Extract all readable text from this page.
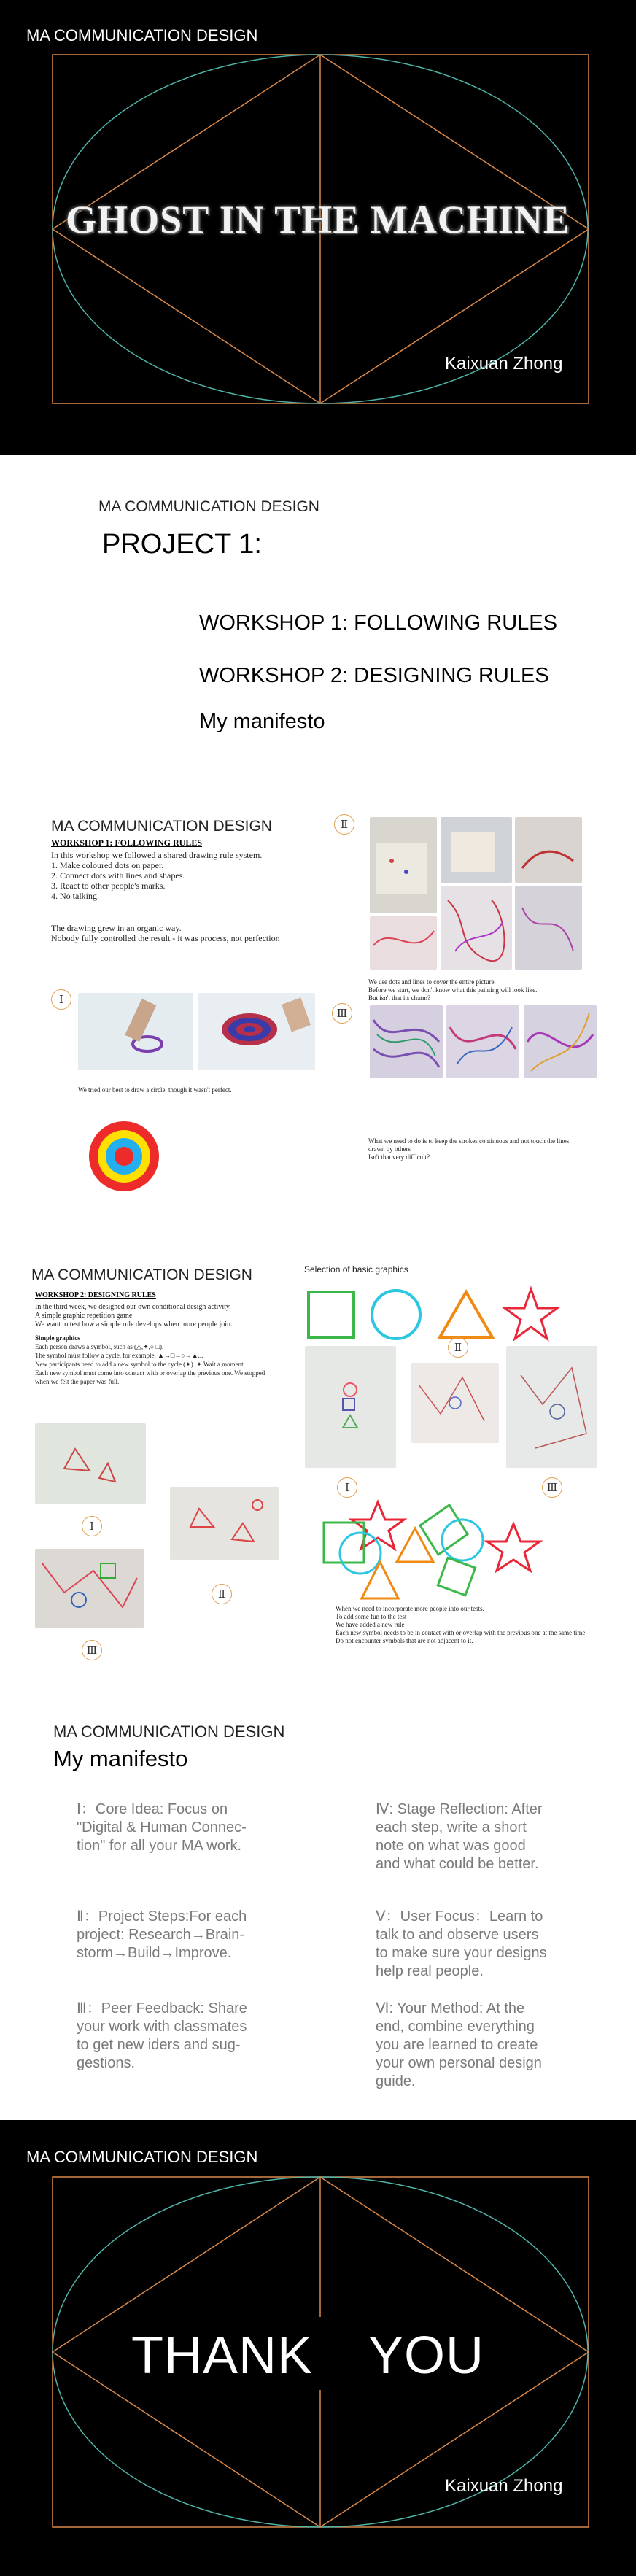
MA COMMUNICATION DESIGN
GHOST IN THE MACHINE
Kaixuan Zhong
MA COMMUNICATION DESIGN
PROJECT 1:
WORKSHOP 1: FOLLOWING RULES
WORKSHOP 2: DESIGNING RULES
My manifesto
MA COMMUNICATION DESIGN
WORKSHOP 1: FOLLOWING RULES
In this workshop we followed a shared drawing rule system.
1. Make coloured dots on paper.
2. Connect dots with lines and shapes.
3. React to other people's marks.
4. No talking.
The drawing grew in an organic way.
Nobody fully controlled the result - it was process, not perfection
Ⅰ
We tried our best to draw a circle, though it wasn't perfect.
Ⅱ
We use dots and lines to cover the entire picture.
Before we start, we don't know what this painting will look like.
But isn't that its charm?
Ⅲ
What we need to do is to keep the strokes continuous and not touch the lines
drawn by others
Isn't that very difficult?
MA COMMUNICATION DESIGN
WORKSHOP 2: DESIGNING RULES
In the third week, we designed our own conditional design activity.
A simple graphic repetition game
We want to test how a simple rule develops when more people join.
Simple graphics
Each person draws a symbol, such as (△,✦,○,□).
The symbol must follow a cycle, for example, ▲→□→○→▲...
New participants need to add a new symbol to the cycle (✦). ✦ Wait a moment.
Each new symbol must come into contact with or overlap the previous one. We stopped
when we felt the paper was full.
Ⅰ
Ⅱ
Ⅲ
Selection of basic graphics
Ⅱ
Ⅰ	Ⅲ
When we need to incorporate more people into our tests.
To add some fun to the test
We have added a new rule
Each new symbol needs to be in contact with or overlap with the previous one at the same time.
Do not encounter symbols that are not adjacent to it.
MA COMMUNICATION DESIGN
My manifesto
Ⅰ：Core Idea: Focus on
"Digital & Human Connec-
tion" for all your MA work.
Ⅱ：Project Steps:For each
project: Research→Brain-
storm→Build→Improve.
Ⅲ：Peer Feedback: Share
your work with classmates
to get new iders and sug-
gestions.
Ⅳ: Stage Reflection: After
each step, write a short
note on what was good
and what could be better.
Ⅴ：User Focus：Learn to
talk to and observe users
to make sure your designs
help real people.
Ⅵ: Your Method: At the
end, combine everything
you are learned to create
your own personal design
guide.
MA COMMUNICATION DESIGN
THANK YOU
Kaixuan Zhong
